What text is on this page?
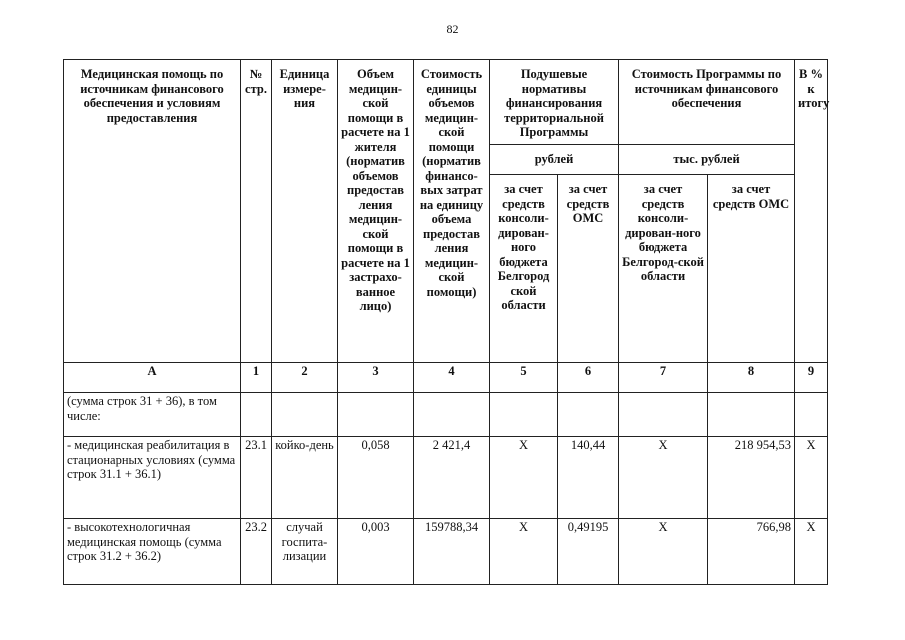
82
Медицинская помощь по источникам финансового обеспечения и условиям предоставления	№ стр.	Единица измере-ния	Объем медицин-ской помощи в расчете на 1 жителя (норматив объемов предостав ления медицин-ской помощи в расчете на 1 застрахо-ванное лицо)	Стоимость единицы объемов медицин-ской помощи (норматив финансо-вых затрат на единицу объема предостав ления медицин-ской помощи)	Подушевые нормативы финансирования территориальной Программы		Стоимость Программы по источникам финансового обеспечения		В % к итогу
					рублей		тыс. рублей		
					за счет средств консоли-дирован-ного бюджета Белгород ской области	за счет средств ОМС	за счет средств консоли-дирован-ного бюджета Белгород-ской области	за счет средств ОМС	
А	1	2	3	4	5	6	7	8	9
(сумма строк 31 + 36), в том числе:									
- медицинская реабилитация в стационарных условиях (сумма строк 31.1 + 36.1)	23.1	койко-день	0,058	2 421,4	Х	140,44	Х	218 954,53	Х
- высокотехнологичная медицинская помощь (сумма строк 31.2 + 36.2)	23.2	случай госпита-лизации	0,003	159788,34	Х	0,49195	Х	766,98	Х
